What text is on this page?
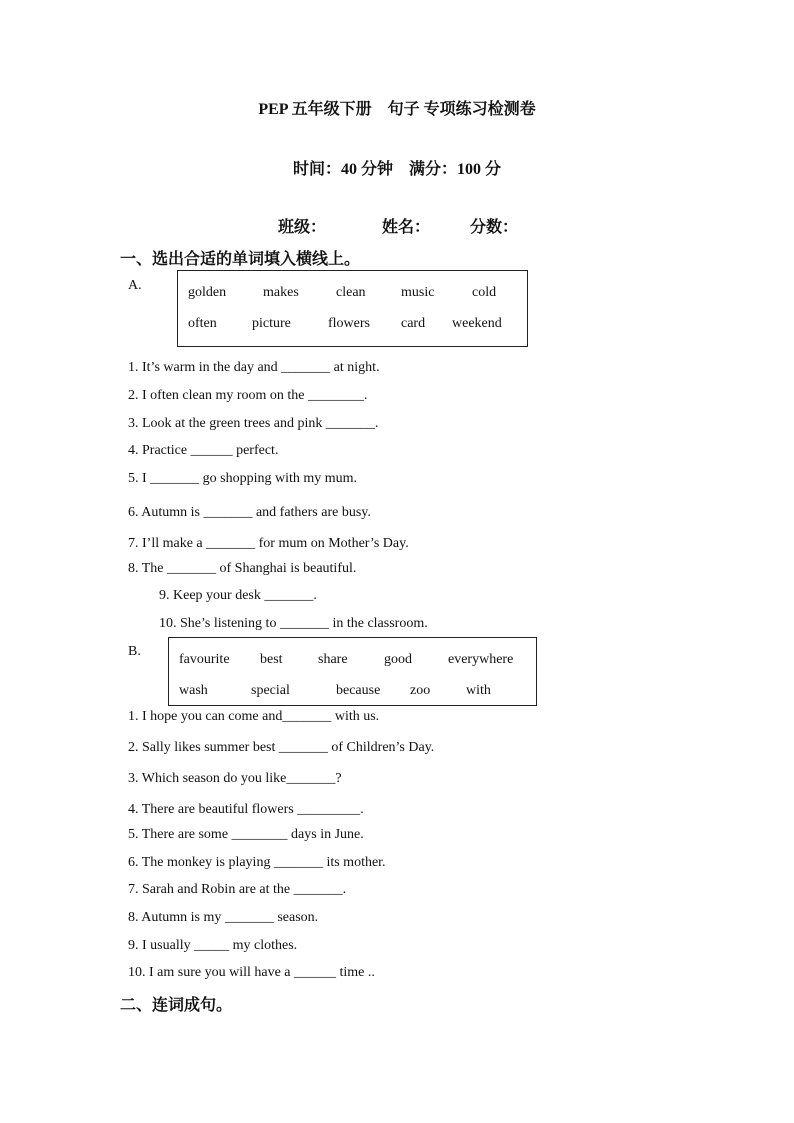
PEP 五年级下册　句子 专项练习检测卷
时间：40 分钟　满分：100 分
班级：	姓名： 分数：
一、选出合适的单词填入横线上。
A.	golden	makes	clean	music	cold
often	picture	flowers card weekend
1. It’s warm in the day and _______ at night.
2. I often clean my room on the ________.
3. Look at the green trees and pink _______.
4. Practice ______ perfect.
5. I _______ go shopping with my mum.
6. Autumn is _______ and fathers are busy.
7. I’ll make a _______ for mum on Mother’s Day.
8. The _______ of Shanghai is beautiful.
9. Keep your desk _______.
10. She’s listening to _______ in the classroom.
B.
favourite best	share	good	everywhere
wash	special	because zoo	with
1. I hope you can come and_______ with us.
2. Sally likes summer best _______ of Children’s Day.
3. Which season do you like_______?
4. There are beautiful flowers _________.
5. There are some ________ days in June.
6. The monkey is playing _______ its mother.
7. Sarah and Robin are at the _______.
8. Autumn is my _______ season.
9. I usually _____ my clothes.
10. I am sure you will have a ______ time ..
二、连词成句。
